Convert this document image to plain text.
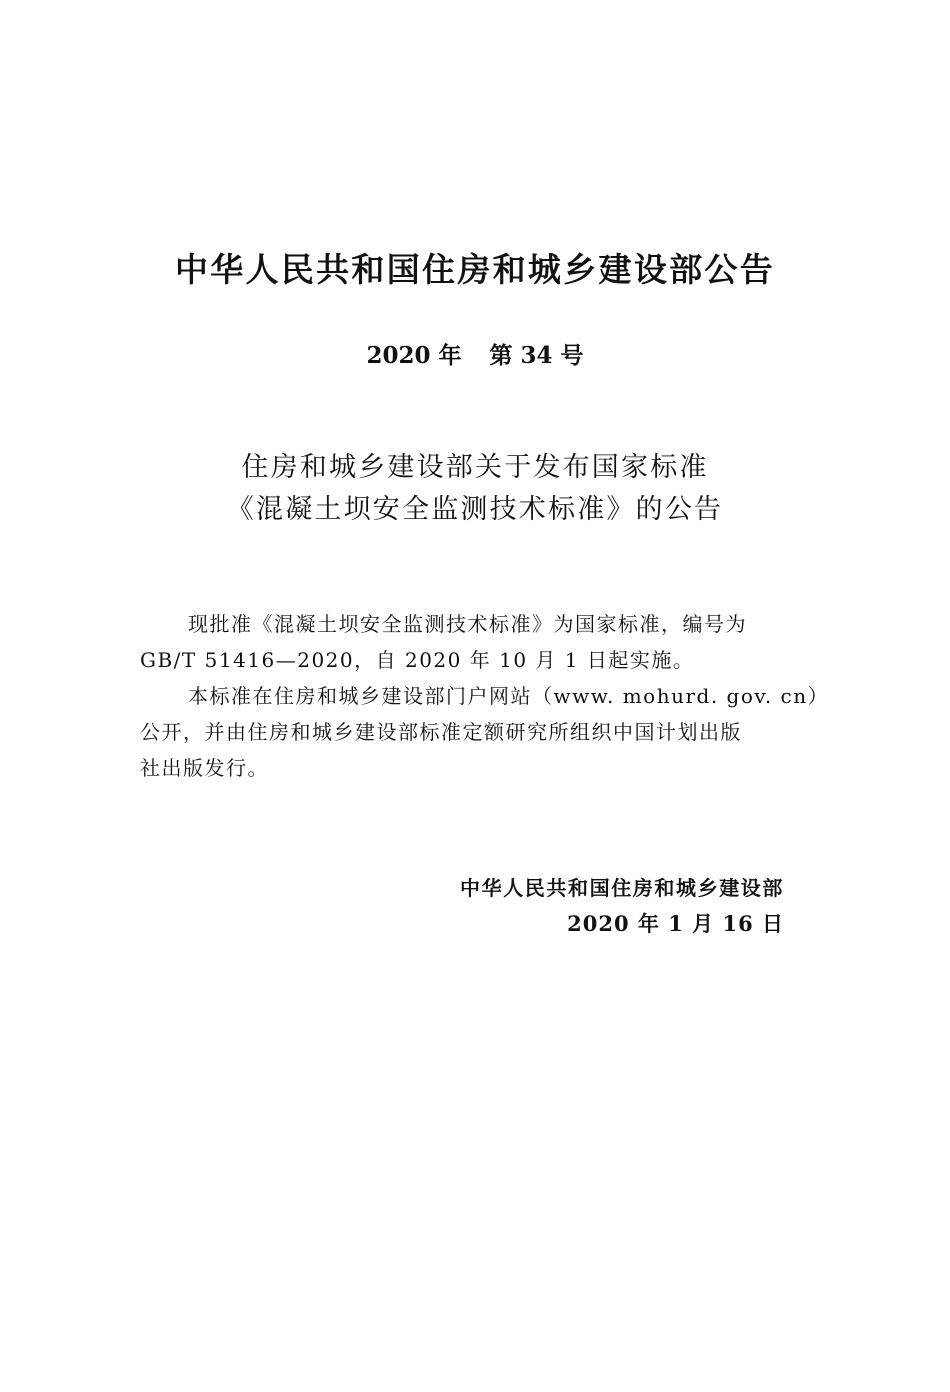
中华人民共和国住房和城乡建设部公告
2020 年 第 34 号
住房和城乡建设部关于发布国家标准
《混凝土坝安全监测技术标准》的公告
现批准《混凝土坝安全监测技术标准》为国家标准，编号为
GB/T 51416—2020，自 2020 年 10 月 1 日起实施。
本标准在住房和城乡建设部门户网站（www. mohurd. gov. cn）
公开，并由住房和城乡建设部标准定额研究所组织中国计划出版
社出版发行。
中华人民共和国住房和城乡建设部
2020 年 1 月 16 日
